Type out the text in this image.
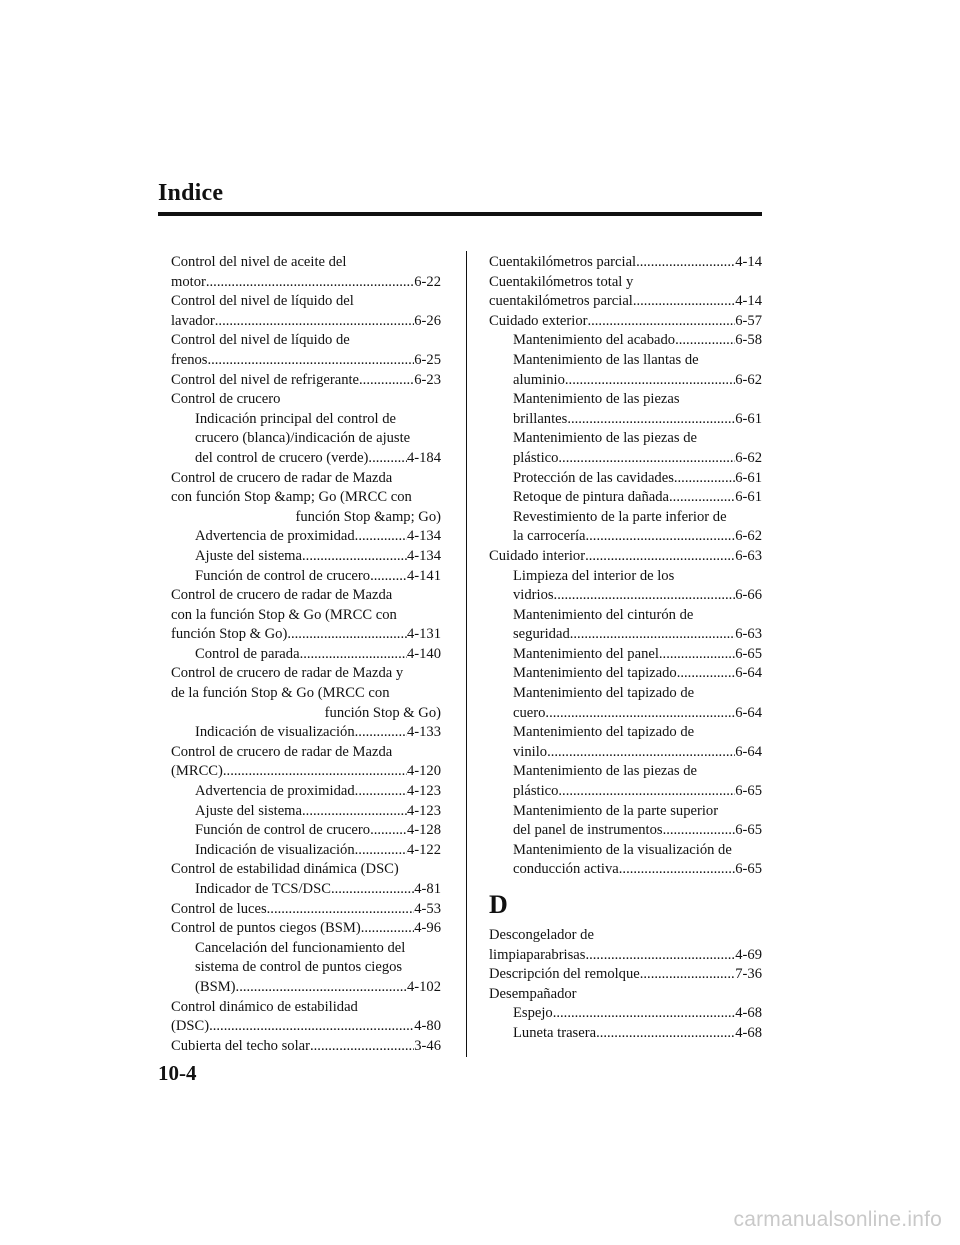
Indice
Control del nivel de aceite del
motor .....	6-22
Control del nivel de líquido del
lavador .....	6-26
Control del nivel de líquido de
frenos .....	6-25
Control del nivel de refrigerante .....	6-23
Control de crucero
Indicación principal del control de
crucero (blanca)/indicación de ajuste
del control de crucero (verde) .....	4-184
Control de crucero de radar de Mazda
con función Stop &amp; Go (MRCC con
función Stop &amp; Go)
Advertencia de proximidad .....	4-134
Ajuste del sistema .....	4-134
Función de control de crucero .....	4-141
Control de crucero de radar de Mazda
con la función Stop & Go (MRCC con
función Stop & Go) .....	4-131
Control de parada .....	4-140
Control de crucero de radar de Mazda y
de la función Stop & Go (MRCC con
función Stop & Go)
Indicación de visualización .....	4-133
Control de crucero de radar de Mazda
(MRCC) .....	4-120
Advertencia de proximidad .....	4-123
Ajuste del sistema .....	4-123
Función de control de crucero .....	4-128
Indicación de visualización .....	4-122
Control de estabilidad dinámica (DSC)
Indicador de TCS/DSC .....	4-81
Control de luces .....	4-53
Control de puntos ciegos (BSM) .....	4-96
Cancelación del funcionamiento del
sistema de control de puntos ciegos
(BSM) .....	4-102
Control dinámico de estabilidad
(DSC) .....	4-80
Cubierta del techo solar .....	3-46
Cuentakilómetros parcial .....	4-14
Cuentakilómetros total y
cuentakilómetros parcial .....	4-14
Cuidado exterior .....	6-57
Mantenimiento del acabado .....	6-58
Mantenimiento de las llantas de
aluminio .....	6-62
Mantenimiento de las piezas
brillantes .....	6-61
Mantenimiento de las piezas de
plástico .....	6-62
Protección de las cavidades .....	6-61
Retoque de pintura dañada .....	6-61
Revestimiento de la parte inferior de
la carrocería .....	6-62
Cuidado interior .....	6-63
Limpieza del interior de los
vidrios .....	6-66
Mantenimiento del cinturón de
seguridad .....	6-63
Mantenimiento del panel .....	6-65
Mantenimiento del tapizado .....	6-64
Mantenimiento del tapizado de
cuero .....	6-64
Mantenimiento del tapizado de
vinilo .....	6-64
Mantenimiento de las piezas de
plástico .....	6-65
Mantenimiento de la parte superior
del panel de instrumentos .....	6-65
Mantenimiento de la visualización de
conducción activa .....	6-65
D
Descongelador de
limpiaparabrisas .....	4-69
Descripción del remolque .....	7-36
Desempañador
Espejo .....	4-68
Luneta trasera .....	4-68
10-4
carmanualsonline.info
